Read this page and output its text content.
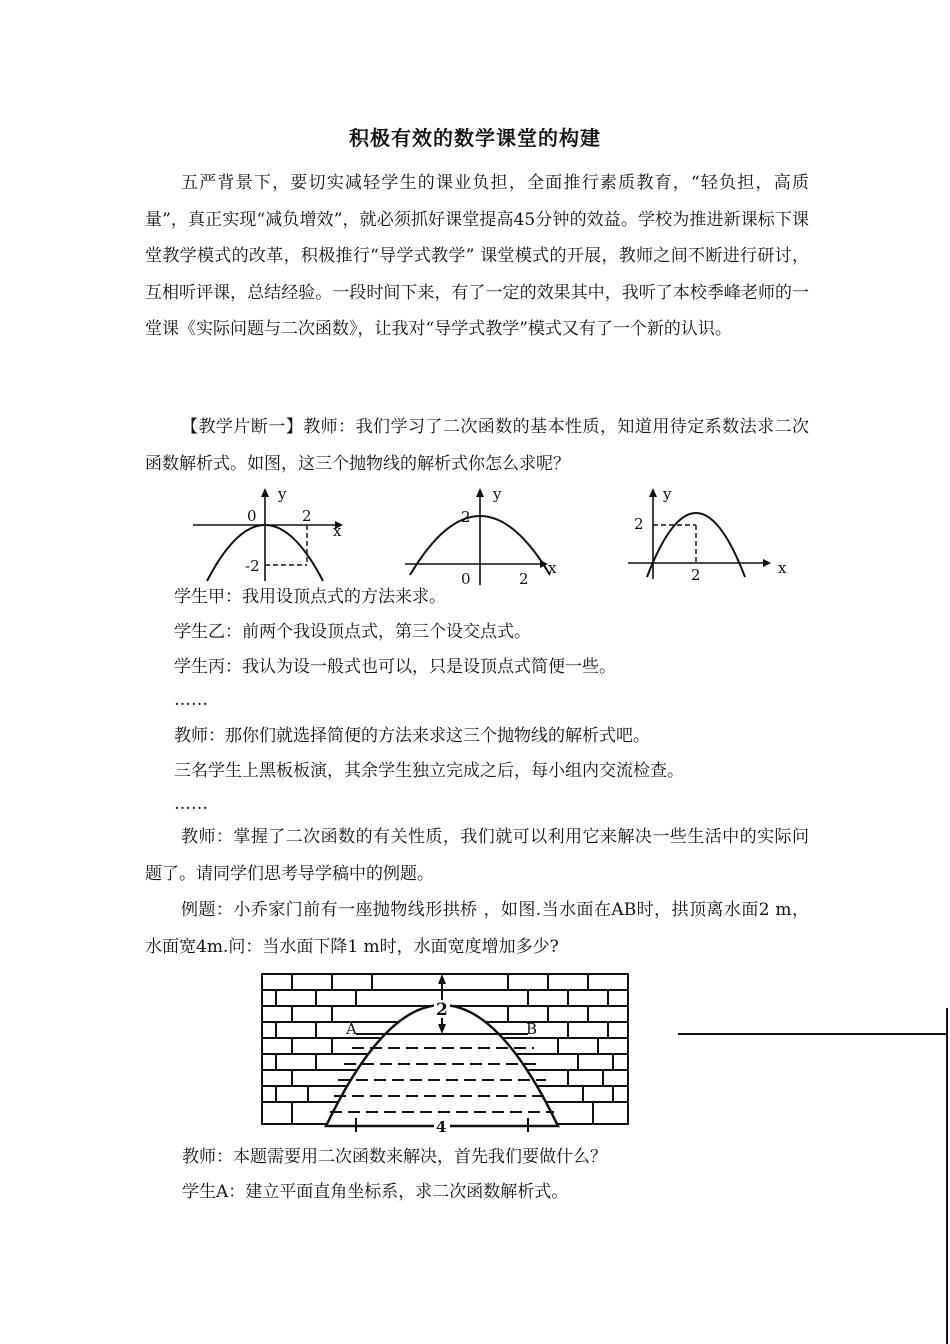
积极有效的数学课堂的构建

五严背景下，要切实减轻学生的课业负担，全面推行素质教育，“轻负担，高质量”，真正实现“减负增效”，就必须抓好课堂提高45分钟的效益。学校为推进新课标下课堂教学模式的改革，积极推行“导学式教学” 课堂模式的开展，教师之间不断进行研讨，互相听评课，总结经验。一段时间下来，有了一定的效果其中，我听了本校季峰老师的一堂课《实际问题与二次函数》，让我对“导学式教学”模式又有了一个新的认识。

【教学片断一】教师：我们学习了二次函数的基本性质，知道用待定系数法求二次函数解析式。如图，这三个抛物线的解析式你怎么求呢？

y
x
0	2
-2
y
x
2
0	2
y
x
2
2
学生甲：我用设顶点式的方法来求。
学生乙：前两个我设顶点式，第三个设交点式。
学生丙：我认为设一般式也可以，只是设顶点式简便一些。
……
教师：那你们就选择简便的方法来求这三个抛物线的解析式吧。
三名学生上黑板板演，其余学生独立完成之后，每小组内交流检查。
……

教师：掌握了二次函数的有关性质，我们就可以利用它来解决一些生活中的实际问题了。请同学们思考导学稿中的例题。

例题：小乔家门前有一座抛物线形拱桥 ，如图.当水面在AB时，拱顶离水面2 m，水面宽4m.问：当水面下降1 m时，水面宽度增加多少?

2
4
A	B
教师：本题需要用二次函数来解决，首先我们要做什么？
学生A：建立平面直角坐标系，求二次函数解析式。
